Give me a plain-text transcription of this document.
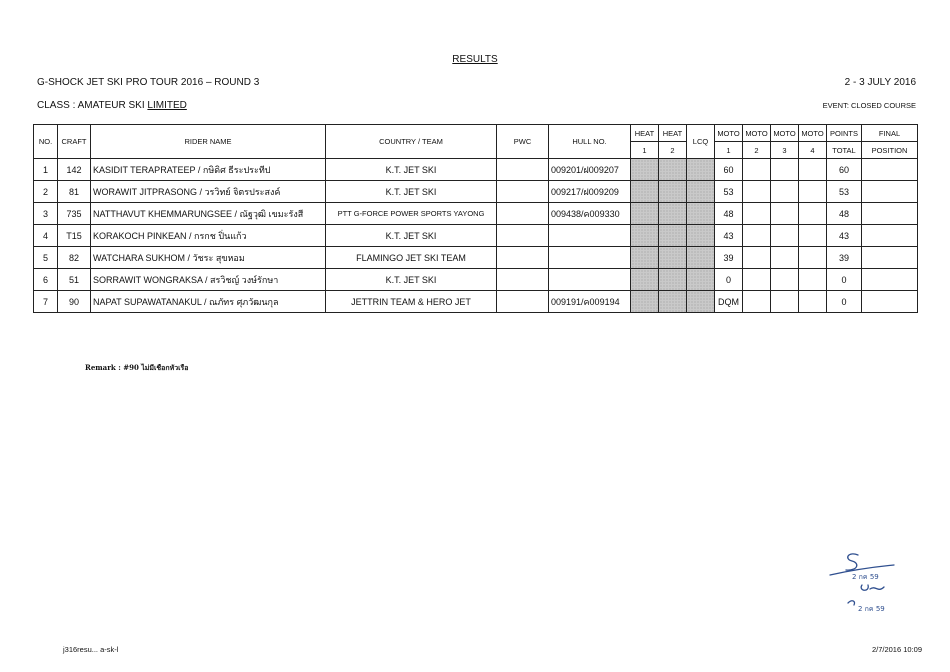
RESULTS
G-SHOCK JET SKI PRO TOUR 2016 – ROUND 3	2 - 3 JULY 2016
CLASS : AMATEUR SKI LIMITED	EVENT: CLOSED COURSE
NO.	CRAFT	RIDER NAME	COUNTRY / TEAM	PWC	HULL NO.	HEAT	HEAT	LCQ	MOTO	MOTO	MOTO	MOTO	POINTS	FINAL
						1	2		1	2	3	4	TOTAL	POSITION
1	142	KASIDIT TERAPRATEEP / กษิดิศ ธีระประทีป	K.T. JET SKI		009201/ฝ009207				60				60	
2	81	WORAWIT JITPRASONG / วรวิทย์ จิตรประสงค์	K.T. JET SKI		009217/ฝ009209				53				53	
3	735	NATTHAVUT KHEMMARUNGSEE / ณัฐวุฒิ เขมะรังสี	PTT G-FORCE POWER SPORTS YAYONG		009438/ค009330				48				48	
4	T15	KORAKOCH PINKEAN / กรกช ปิ่นแก้ว	K.T. JET SKI						43				43	
5	82	WATCHARA SUKHOM / วัชระ สุขหอม	FLAMINGO JET SKI TEAM						39				39	
6	51	SORRAWIT WONGRAKSA / สรวิชญ์ วงษ์รักษา	K.T. JET SKI						0				0	
7	90	NAPAT SUPAWATANAKUL / ณภัทร ศุภวัฒนกุล	JETTRIN TEAM & HERO JET		009191/ค009194				DQM				0	
Remark : #90 ไม่มีเชือกหัวเรือ
2 กค 59
2 กค 59
j316resu... a-sk-l	2/7/2016 10:09
